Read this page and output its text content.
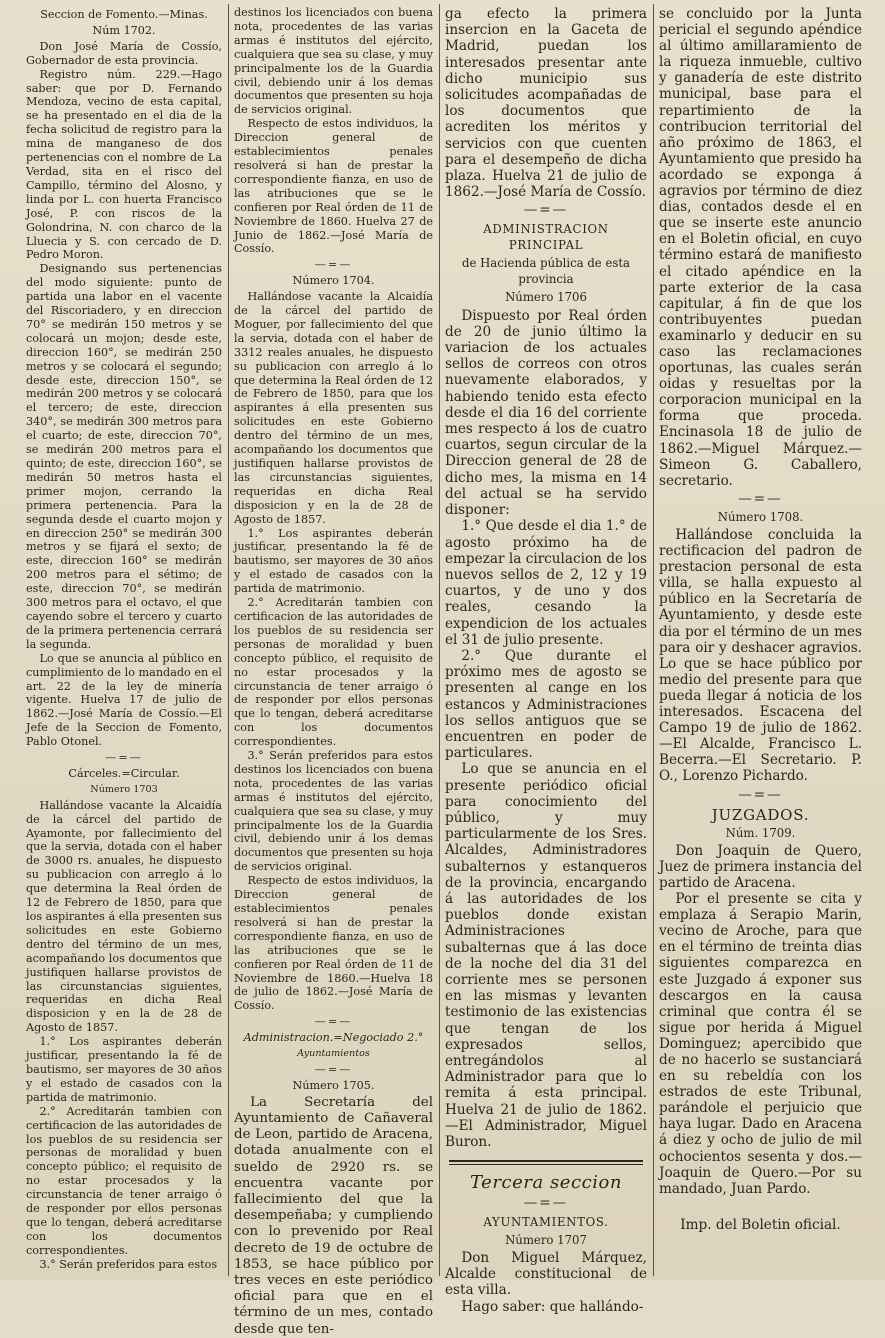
Seccion de Fomento.—Minas.
Núm 1702.

Don José María de Cossío, Gobernador de esta provincia.

Registro núm. 229.—Hago saber: que por D. Fernando Mendoza, vecino de esta capital, se ha presentado en el dia de la fecha solicitud de registro para la mina de manganeso de dos pertenencias con el nombre de La Verdad, sita en el risco del Campillo, término del Alosno, y linda por L. con huerta Francisco José, P. con riscos de la Golondrina, N. con charco de la Lluecia y S. con cercado de D. Pedro Moron.

Designando sus pertenencias del modo siguiente: punto de partida una labor en el vacente del Riscoriadero, y en direccion 70° se medirán 150 metros y se colocará un mojon; desde este, direccion 160°, se medirán 250 metros y se colocará el segundo; desde este, direccion 150°, se medirán 200 metros y se colocará el tercero; de este, direccion 340°, se medirán 300 metros para el cuarto; de este, direccion 70°, se medirán 200 metros para el quinto; de este, direccion 160°, se medirán 50 metros hasta el primer mojon, cerrando la primera pertenencia. Para la segunda desde el cuarto mojon y en direccion 250° se medirán 300 metros y se fijará el sexto; de este, direccion 160° se medirán 200 metros para el sétimo; de este, direccion 70°, se medirán 300 metros para el octavo, el que cayendo sobre el tercero y cuarto de la primera pertenencia cerrará la segunda.

Lo que se anuncia al público en cumplimiento de lo mandado en el art. 22 de la ley de minería vigente. Huelva 17 de julio de 1862.—José María de Cossío.—El Jefe de la Seccion de Fomento, Pablo Otonel.

—=—
Cárceles.=Circular.
Número 1703

Hallándose vacante la Alcaidía de la cárcel del partido de Ayamonte, por fallecimiento del que la servia, dotada con el haber de 3000 rs. anuales, he dispuesto su publicacion con arreglo á lo que determina la Real órden de 12 de Febrero de 1850, para que los aspirantes á ella presenten sus solicitudes en este Gobierno dentro del término de un mes, acompañando los documentos que justifiquen hallarse provistos de las circunstancias siguientes, requeridas en dicha Real disposicion y en la de 28 de Agosto de 1857.

1.° Los aspirantes deberán justificar, presentando la fé de bautismo, ser mayores de 30 años y el estado de casados con la partida de matrimonio.

2.° Acreditarán tambien con certificacion de las autoridades de los pueblos de su residencia ser personas de moralidad y buen concepto público; el requisito de no estar procesados y la circunstancia de tener arraigo ó de responder por ellos personas que lo tengan, deberá acreditarse con los documentos correspondientes.

3.° Serán preferidos para estos

destinos los licenciados con buena nota, procedentes de las varias armas é institutos del ejército, cualquiera que sea su clase, y muy principalmente los de la Guardia civil, debiendo unir á los demas documentos que presenten su hoja de servicios original.

Respecto de estos individuos, la Direccion general de establecimientos penales resolverá si han de prestar la correspondiente fianza, en uso de las atribuciones que se le confieren por Real órden de 11 de Noviembre de 1860. Huelva 27 de Junio de 1862.—José María de Cossío.

—=—
Número 1704.

Hallándose vacante la Alcaidía de la cárcel del partido de Moguer, por fallecimiento del que la servia, dotada con el haber de 3312 reales anuales, he dispuesto su publicacion con arreglo á lo que determina la Real órden de 12 de Febrero de 1850, para que los aspirantes á ella presenten sus solicitudes en este Gobierno dentro del término de un mes, acompañando los documentos que justifiquen hallarse provistos de las circunstancias siguientes, requeridas en dicha Real disposicion y en la de 28 de Agosto de 1857.

1.° Los aspirantes deberán justificar, presentando la fé de bautismo, ser mayores de 30 años y el estado de casados con la partida de matrimonio.

2.° Acreditarán tambien con certificacion de las autoridades de los pueblos de su residencia ser personas de moralidad y buen concepto público, el requisito de no estar procesados y la circunstancia de tener arraigo ó de responder por ellos personas que lo tengan, deberá acreditarse con los documentos correspondientes.

3.° Serán preferidos para estos destinos los licenciados con buena nota, procedentes de las varias armas é institutos del ejército, cualquiera que sea su clase, y muy principalmente los de la Guardia civil, debiendo unir á los demas documentos que presenten su hoja de servicios original.

Respecto de estos individuos, la Direccion general de establecimientos penales resolverá si han de prestar la correspondiente fianza, en uso de las atribuciones que se le confieren por Real órden de 11 de Noviembre de 1860.—Huelva 18 de julio de 1862.—José María de Cossío.

—=—
Administracion.=Negociado 2.°
Ayuntamientos
—=—
Número 1705.

La Secretaría del Ayuntamiento de Cañaveral de Leon, partido de Aracena, dotada anualmente con el sueldo de 2920 rs. se encuentra vacante por fallecimiento del que la desempeñaba; y cumpliendo con lo prevenido por Real decreto de 19 de octubre de 1853, se hace público por tres veces en este periódico oficial para que en el término de un mes, contado desde que ten-

ga efecto la primera insercion en la Gaceta de Madrid, puedan los interesados presentar ante dicho municipio sus solicitudes acompañadas de los documentos que acrediten los méritos y servicios con que cuenten para el desempeño de dicha plaza. Huelva 21 de julio de 1862.—José María de Cossío.

—=—
ADMINISTRACION PRINCIPAL
de Hacienda pública de esta provincia
Número 1706

Dispuesto por Real órden de 20 de junio último la variacion de los actuales sellos de correos con otros nuevamente elaborados, y habiendo tenido esta efecto desde el dia 16 del corriente mes respecto á los de cuatro cuartos, segun circular de la Direccion general de 28 de dicho mes, la misma en 14 del actual se ha servido disponer:

1.° Que desde el dia 1.° de agosto próximo ha de empezar la circulacion de los nuevos sellos de 2, 12 y 19 cuartos, y de uno y dos reales, cesando la expendicion de los actuales el 31 de julio presente.

2.° Que durante el próximo mes de agosto se presenten al cange en los estancos y Administraciones los sellos antiguos que se encuentren en poder de particulares.

Lo que se anuncia en el presente periódico oficial para conocimiento del público, y muy particularmente de los Sres. Alcaldes, Administradores subalternos y estanqueros de la provincia, encargando á las autoridades de los pueblos donde existan Administraciones subalternas que á las doce de la noche del dia 31 del corriente mes se personen en las mismas y levanten testimonio de las existencias que tengan de los expresados sellos, entregándolos al Administrador para que lo remita á esta principal. Huelva 21 de julio de 1862.—El Administrador, Miguel Buron.

Tercera seccion
—=—
AYUNTAMIENTOS.
Número 1707

Don Miguel Márquez, Alcalde constitucional de esta villa.

Hago saber: que hallándo-

se concluido por la Junta pericial el segundo apéndice al último amillaramiento de la riqueza inmueble, cultivo y ganadería de este distrito municipal, base para el repartimiento de la contribucion territorial del año próximo de 1863, el Ayuntamiento que presido ha acordado se exponga á agravios por término de diez dias, contados desde el en que se inserte este anuncio en el Boletin oficial, en cuyo término estará de manifiesto el citado apéndice en la parte exterior de la casa capitular, á fin de que los contribuyentes puedan examinarlo y deducir en su caso las reclamaciones oportunas, las cuales serán oidas y resueltas por la corporacion municipal en la forma que proceda. Encinasola 18 de julio de 1862.—Miguel Márquez.—Simeon G. Caballero, secretario.

—=—
Número 1708.

Hallándose concluida la rectificacion del padron de prestacion personal de esta villa, se halla expuesto al público en la Secretaría de Ayuntamiento, y desde este dia por el término de un mes para oir y deshacer agravios. Lo que se hace público por medio del presente para que pueda llegar á noticia de los interesados. Escacena del Campo 19 de julio de 1862.—El Alcalde, Francisco L. Becerra.—El Secretario. P. O., Lorenzo Pichardo.

—=—
JUZGADOS.
Núm. 1709.

Don Joaquin de Quero, Juez de primera instancia del partido de Aracena.

Por el presente se cita y emplaza á Serapio Marin, vecino de Aroche, para que en el término de treinta dias siguientes comparezca en este Juzgado á exponer sus descargos en la causa criminal que contra él se sigue por herida á Miguel Dominguez; apercibido que de no hacerlo se sustanciará en su rebeldía con los estrados de este Tribunal, parándole el perjuicio que haya lugar. Dado en Aracena á diez y ocho de julio de mil ochocientos sesenta y dos.—Joaquin de Quero.—Por su mandado, Juan Pardo.

Imp. del Boletin oficial.
